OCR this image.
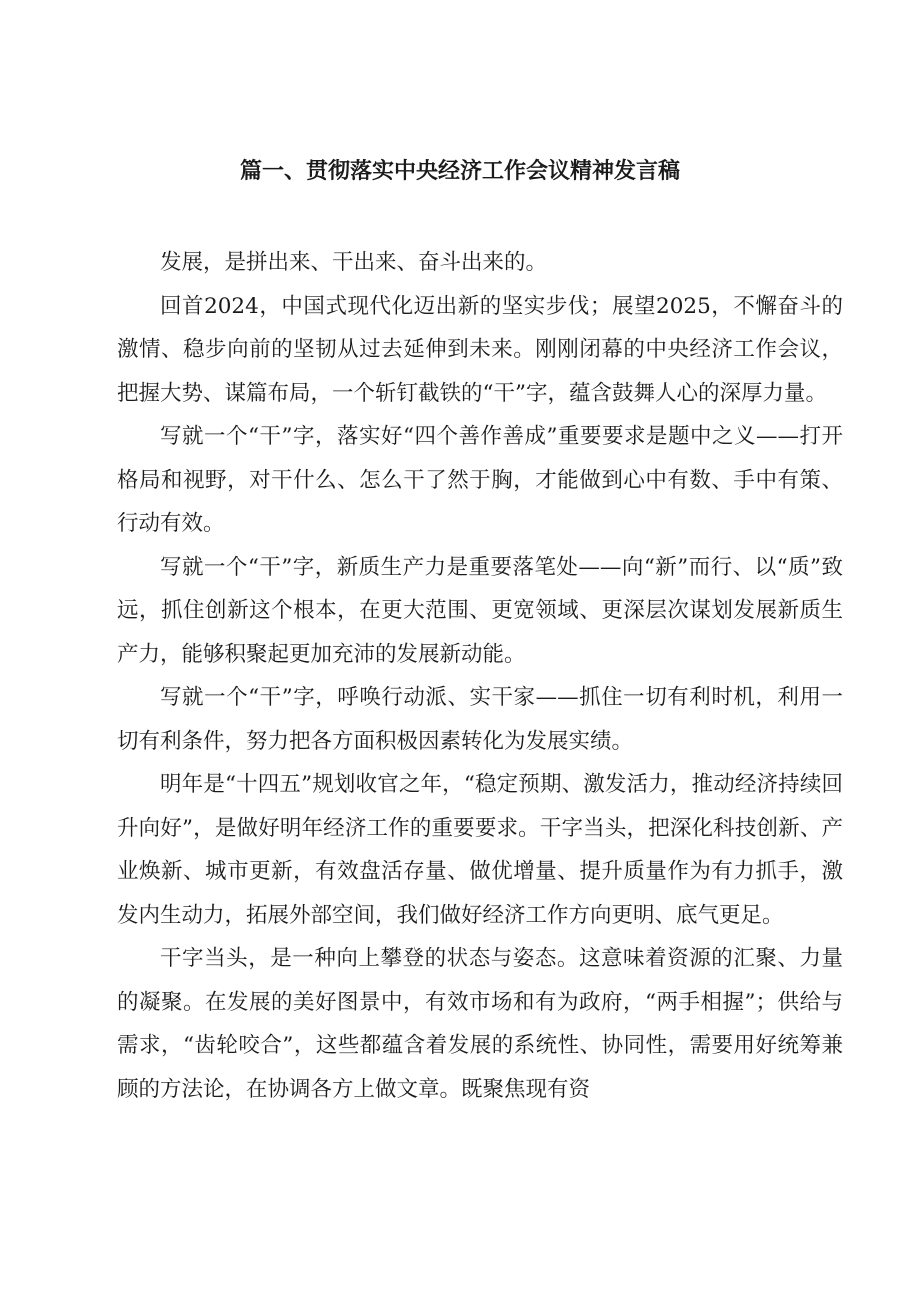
篇一、贯彻落实中央经济工作会议精神发言稿

发展，是拼出来、干出来、奋斗出来的。

回首2024，中国式现代化迈出新的坚实步伐；展望2025，不懈奋斗的激情、稳步向前的坚韧从过去延伸到未来。刚刚闭幕的中央经济工作会议，把握大势、谋篇布局，一个斩钉截铁的“干”字，蕴含鼓舞人心的深厚力量。

写就一个“干”字，落实好“四个善作善成”重要要求是题中之义——打开格局和视野，对干什么、怎么干了然于胸，才能做到心中有数、手中有策、行动有效。

写就一个“干”字，新质生产力是重要落笔处——向“新”而行、以“质”致远，抓住创新这个根本，在更大范围、更宽领域、更深层次谋划发展新质生产力，能够积聚起更加充沛的发展新动能。

写就一个“干”字，呼唤行动派、实干家——抓住一切有利时机，利用一切有利条件，努力把各方面积极因素转化为发展实绩。

明年是“十四五”规划收官之年，“稳定预期、激发活力，推动经济持续回升向好”，是做好明年经济工作的重要要求。干字当头，把深化科技创新、产业焕新、城市更新，有效盘活存量、做优增量、提升质量作为有力抓手，激发内生动力，拓展外部空间，我们做好经济工作方向更明、底气更足。

干字当头，是一种向上攀登的状态与姿态。这意味着资源的汇聚、力量的凝聚。在发展的美好图景中，有效市场和有为政府，“两手相握”；供给与需求，“齿轮咬合”，这些都蕴含着发展的系统性、协同性，需要用好统筹兼顾的方法论，在协调各方上做文章。既聚焦现有资
